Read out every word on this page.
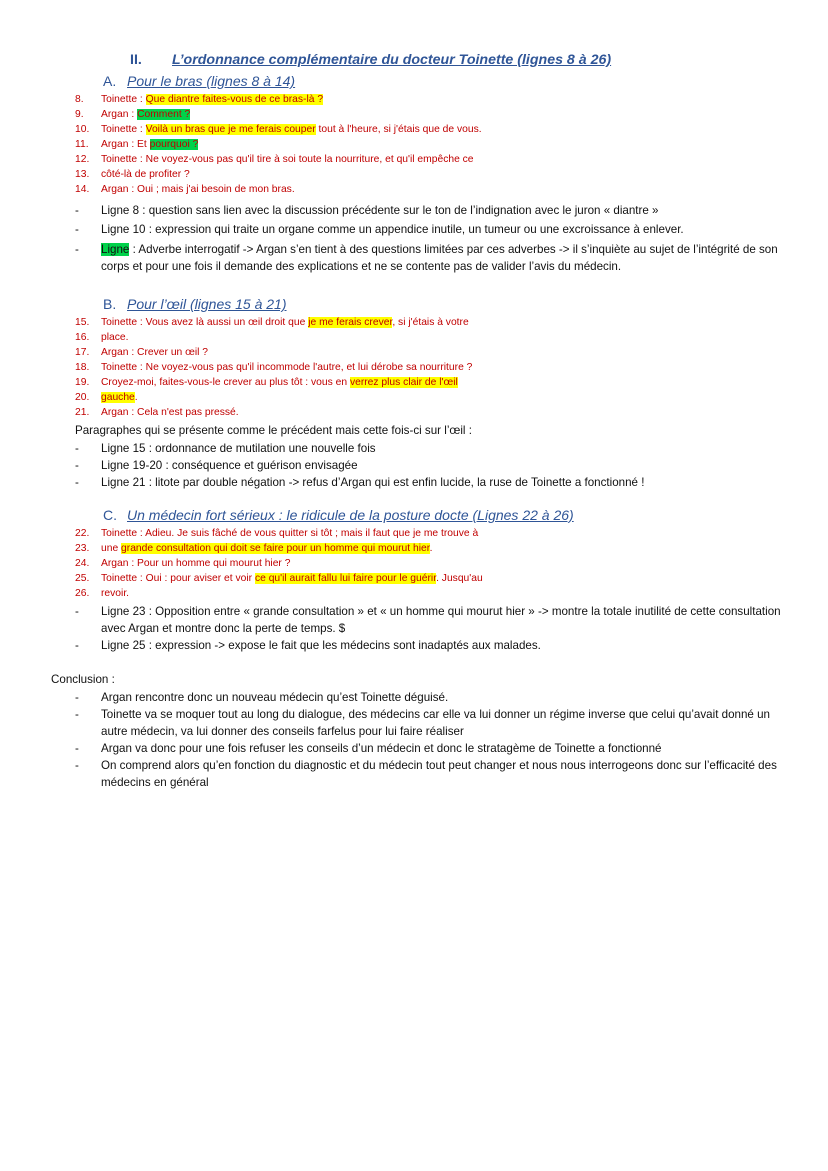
II. L’ordonnance complémentaire du docteur Toinette (lignes 8 à 26)
A. Pour le bras (lignes 8 à 14)
8. Toinette : Que diantre faites-vous de ce bras-là ?
9. Argan : Comment ?
10. Toinette : Voilà un bras que je me ferais couper tout à l'heure, si j'étais que de vous.
11. Argan : Et pourquoi ?
12. Toinette : Ne voyez-vous pas qu'il tire à soi toute la nourriture, et qu'il empêche ce
13. côté-là de profiter ?
14. Argan : Oui ; mais j'ai besoin de mon bras.
- Ligne 8 : question sans lien avec la discussion précédente sur le ton de l’indignation avec le juron « diantre »
- Ligne 10 : expression qui traite un organe comme un appendice inutile, un tumeur ou une excroissance à enlever.
- Ligne : Adverbe interrogatif -> Argan s’en tient à des questions limitées par ces adverbes -> il s’inquiète au sujet de l’intégrité de son corps et pour une fois il demande des explications et ne se contente pas de valider l’avis du médecin.
B. Pour l’œil (lignes 15 à 21)
15. Toinette : Vous avez là aussi un œil droit que je me ferais crever, si j'étais à votre
16. place.
17. Argan : Crever un œil ?
18. Toinette : Ne voyez-vous pas qu'il incommode l'autre, et lui dérobe sa nourriture ?
19. Croyez-moi, faites-vous-le crever au plus tôt : vous en verrez plus clair de l'œil
20. gauche.
21. Argan : Cela n'est pas pressé.
Paragraphes qui se présente comme le précédent mais cette fois-ci sur l’œil :
- Ligne 15 : ordonnance de mutilation une nouvelle fois
- Ligne 19-20 : conséquence et guérison envisagée
- Ligne 21 : litote par double négation -> refus d’Argan qui est enfin lucide, la ruse de Toinette a fonctionné !
C. Un médecin fort sérieux : le ridicule de la posture docte (Lignes 22 à 26)
22. Toinette : Adieu. Je suis fâché de vous quitter si tôt ; mais il faut que je me trouve à
23. une grande consultation qui doit se faire pour un homme qui mourut hier.
24. Argan : Pour un homme qui mourut hier ?
25. Toinette : Oui : pour aviser et voir ce qu'il aurait fallu lui faire pour le guérir. Jusqu'au
26. revoir.
- Ligne 23 : Opposition entre « grande consultation » et « un homme qui mourut hier » -> montre la totale inutilité de cette consultation avec Argan et montre donc la perte de temps. $
- Ligne 25 : expression -> expose le fait que les médecins sont inadaptés aux malades.
Conclusion :
- Argan rencontre donc un nouveau médecin qu’est Toinette déguisé.
- Toinette va se moquer tout au long du dialogue, des médecins car elle va lui donner un régime inverse que celui qu’avait donné un autre médecin, va lui donner des conseils farfelus pour lui faire réaliser
- Argan va donc pour une fois refuser les conseils d’un médecin et donc le stratagème de Toinette a fonctionné
- On comprend alors qu’en fonction du diagnostic et du médecin tout peut changer et nous nous interrogeons donc sur l’efficacité des médecins en général
